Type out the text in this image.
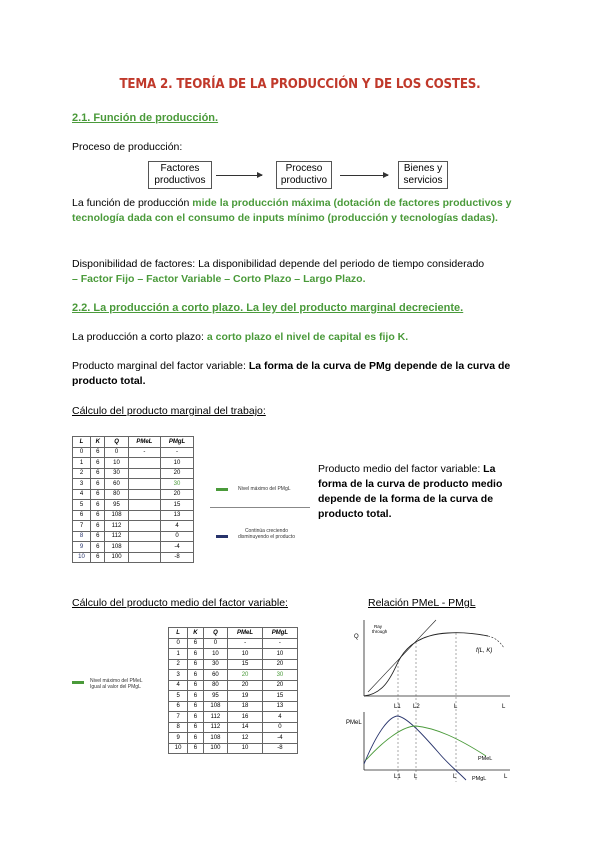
TEMA 2. TEORÍA DE LA PRODUCCIÓN Y DE LOS COSTES.
2.1. Función de producción.
Proceso de producción:
Factores
productivos
Proceso
productivo
Bienes y
servicios
La función de producción mide la producción máxima (dotación de factores productivos y tecnología dada con el consumo de inputs mínimo (producción y tecnologías dadas).
Disponibilidad de factores: La disponibilidad depende del periodo de tiempo considerado
– Factor Fijo – Factor Variable – Corto Plazo – Largo Plazo.
2.2. La producción a corto plazo. La ley del producto marginal decreciente.
La producción a corto plazo: a corto plazo el nivel de capital es fijo K.
Producto marginal del factor variable: La forma de la curva de PMg depende de la curva de producto total.
Cálculo del producto marginal del trabajo:
L	K	Q	PMeL	PMgL
0	6	0	-	-
1	6	10		10
2	6	30		20
3	6	60		30
4	6	80		20
5	6	95		15
6	6	108		13
7	6	112		4
8	6	112		0
9	6	108		-4
10	6	100		-8
Nivel máximo del PMgL
Continúa creciendo
disminuyendo el producto
Producto medio del factor variable: La forma de la curva de producto medio depende de la forma de la curva de producto total.
Cálculo del producto medio del factor variable:	Relación PMeL - PMgL
Nivel máximo del PMeL
Igual al valor del PMgL
L	K	Q	PMeL	PMgL
0	6	0	-	-
1	6	10	10	10
2	6	30	15	20
3	6	60	20	30
4	6	80	20	20
5	6	95	19	15
6	6	108	18	13
7	6	112	16	4
8	6	112	14	0
9	6	108	12	-4
10	6	100	10	-8
Q
Ray
through
f(L, K)
L1 L2	L	L
PMeL
PMeL
PMgL
L1 L	L	L
